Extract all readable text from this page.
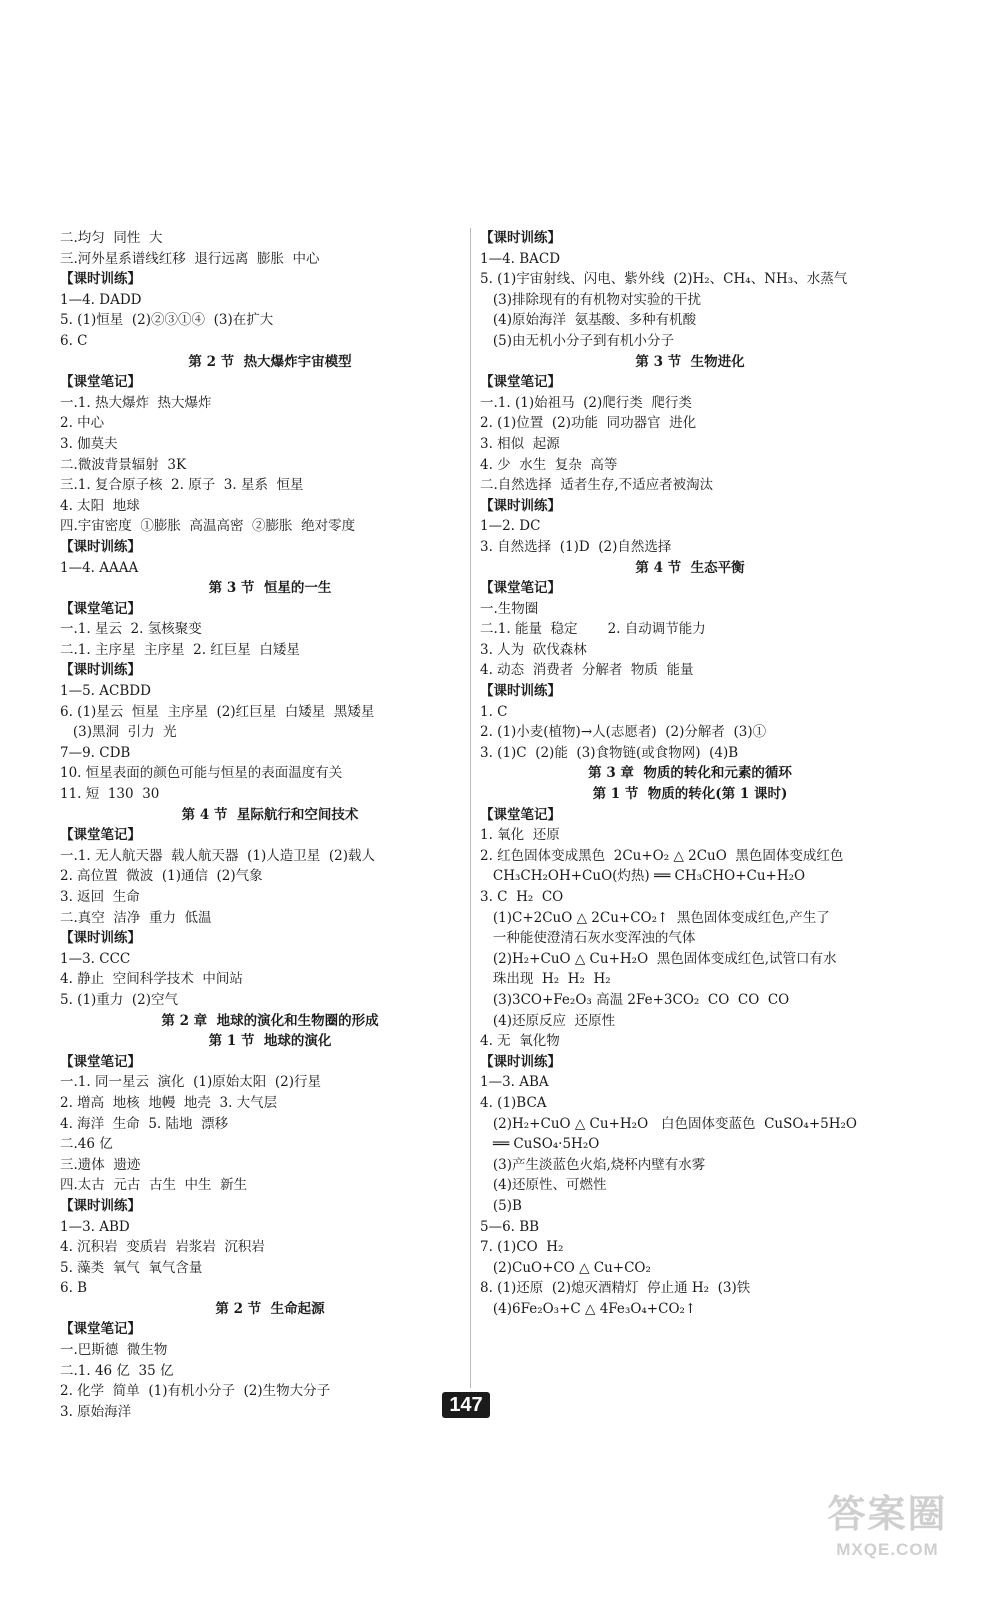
二.均匀  同性  大
三.河外星系谱线红移  退行远离  膨胀  中心
【课时训练】
1—4. DADD
5. (1)恒星  (2)②③①④  (3)在扩大
6. C
第 2 节  热大爆炸宇宙模型
【课堂笔记】
一.1. 热大爆炸  热大爆炸
2. 中心
3. 伽莫夫
二.微波背景辐射  3K
三.1. 复合原子核  2. 原子  3. 星系  恒星
4. 太阳  地球
四.宇宙密度  ①膨胀  高温高密  ②膨胀  绝对零度
【课时训练】
1—4. AAAA
第 3 节  恒星的一生
【课堂笔记】
一.1. 星云  2. 氢核聚变
二.1. 主序星  主序星  2. 红巨星  白矮星
【课时训练】
1—5. ACBDD
6. (1)星云  恒星  主序星  (2)红巨星  白矮星  黑矮星
(3)黑洞  引力  光
7—9. CDB
10. 恒星表面的颜色可能与恒星的表面温度有关
11. 短  130  30
第 4 节  星际航行和空间技术
【课堂笔记】
一.1. 无人航天器  载人航天器  (1)人造卫星  (2)载人
2. 高位置  微波  (1)通信  (2)气象
3. 返回  生命
二.真空  洁净  重力  低温
【课时训练】
1—3. CCC
4. 静止  空间科学技术  中间站
5. (1)重力  (2)空气
第 2 章  地球的演化和生物圈的形成
第 1 节  地球的演化
【课堂笔记】
一.1. 同一星云  演化  (1)原始太阳  (2)行星
2. 增高  地核  地幔  地壳  3. 大气层
4. 海洋  生命  5. 陆地  漂移
二.46 亿
三.遗体  遗迹
四.太古  元古  古生  中生  新生
【课时训练】
1—3. ABD
4. 沉积岩  变质岩  岩浆岩  沉积岩
5. 藻类  氧气  氧气含量
6. B
第 2 节  生命起源
【课堂笔记】
一.巴斯德  微生物
二.1. 46 亿  35 亿
2. 化学  简单  (1)有机小分子  (2)生物大分子
3. 原始海洋
【课时训练】
1—4. BACD
5. (1)宇宙射线、闪电、紫外线  (2)H₂、CH₄、NH₃、水蒸气
(3)排除现有的有机物对实验的干扰
(4)原始海洋  氨基酸、多种有机酸
(5)由无机小分子到有机小分子
第 3 节  生物进化
【课堂笔记】
一.1. (1)始祖马  (2)爬行类  爬行类
2. (1)位置  (2)功能  同功器官  进化
3. 相似  起源
4. 少  水生  复杂  高等
二.自然选择  适者生存,不适应者被淘汰
【课时训练】
1—2. DC
3. 自然选择  (1)D  (2)自然选择
第 4 节  生态平衡
【课堂笔记】
一.生物圈
二.1. 能量  稳定       2. 自动调节能力
3. 人为  砍伐森林
4. 动态  消费者  分解者  物质  能量
【课时训练】
1. C
2. (1)小麦(植物)→人(志愿者)  (2)分解者  (3)①
3. (1)C  (2)能  (3)食物链(或食物网)  (4)B
第 3 章  物质的转化和元素的循环
第 1 节  物质的转化(第 1 课时)
【课堂笔记】
1. 氧化  还原
2. 红色固体变成黑色  2Cu+O₂ △ 2CuO  黑色固体变成红色
CH₃CH₂OH+CuO(灼热) ══ CH₃CHO+Cu+H₂O
3. C  H₂  CO
(1)C+2CuO △ 2Cu+CO₂↑  黑色固体变成红色,产生了
一种能使澄清石灰水变浑浊的气体
(2)H₂+CuO △ Cu+H₂O  黑色固体变成红色,试管口有水
珠出现  H₂  H₂  H₂
(3)3CO+Fe₂O₃ 高温 2Fe+3CO₂  CO  CO  CO
(4)还原反应  还原性
4. 无  氧化物
【课时训练】
1—3. ABA
4. (1)BCA
(2)H₂+CuO △ Cu+H₂O   白色固体变蓝色  CuSO₄+5H₂O
══ CuSO₄·5H₂O
(3)产生淡蓝色火焰,烧杯内壁有水雾
(4)还原性、可燃性
(5)B
5—6. BB
7. (1)CO  H₂
(2)CuO+CO △ Cu+CO₂
8. (1)还原  (2)熄灭酒精灯  停止通 H₂  (3)铁
(4)6Fe₂O₃+C △ 4Fe₃O₄+CO₂↑
147
答案圈
MXQE.COM
